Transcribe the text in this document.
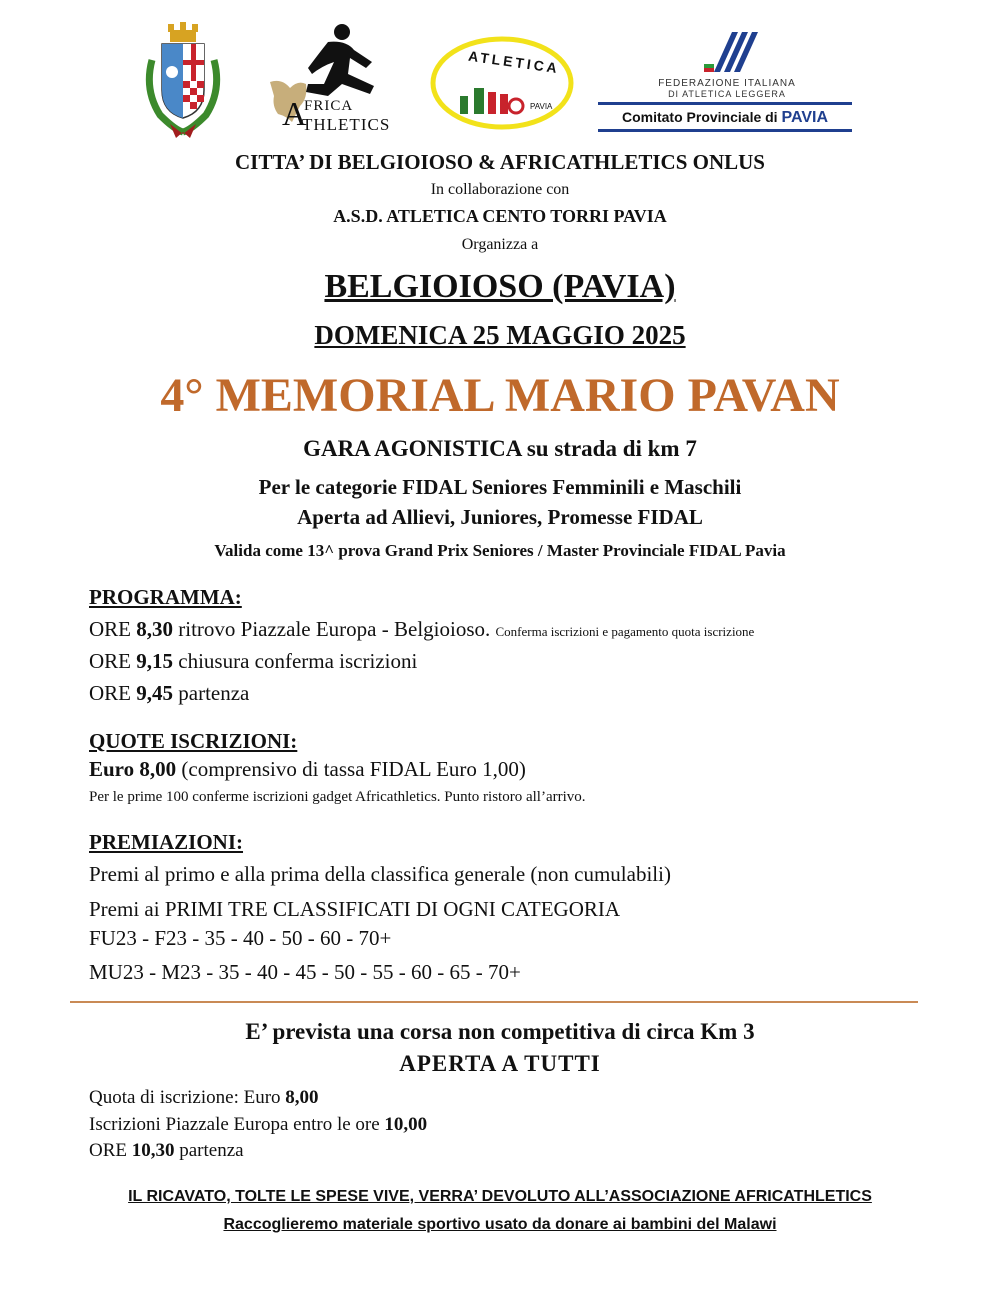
A
FRICA
THLETICS
ATLETICA
PAVIA
FEDERAZIONE ITALIANA
DI ATLETICA LEGGERA
Comitato Provinciale di PAVIA
CITTA’ DI BELGIOIOSO & AFRICATHLETICS ONLUS
In collaborazione con
A.S.D. ATLETICA CENTO TORRI PAVIA
Organizza a
BELGIOIOSO (PAVIA)
DOMENICA 25 MAGGIO 2025
4° MEMORIAL MARIO PAVAN
GARA AGONISTICA su strada di km 7
Per le categorie FIDAL Seniores Femminili e Maschili
Aperta ad Allievi, Juniores, Promesse FIDAL
Valida come 13^ prova Grand Prix Seniores / Master Provinciale FIDAL Pavia
PROGRAMMA:
ORE 8,30 ritrovo Piazzale Europa - Belgioioso. Conferma iscrizioni e pagamento quota iscrizione
ORE 9,15 chiusura conferma iscrizioni
ORE 9,45 partenza
QUOTE ISCRIZIONI:
Euro 8,00 (comprensivo di tassa FIDAL Euro 1,00)
Per le prime 100 conferme iscrizioni gadget Africathletics. Punto ristoro all’arrivo.
PREMIAZIONI:
Premi al primo e alla prima della classifica generale (non cumulabili)
Premi ai PRIMI TRE CLASSIFICATI DI OGNI CATEGORIA
FU23 - F23 - 35 - 40 - 50 - 60 - 70+
MU23 - M23 - 35 - 40 - 45 - 50 - 55 - 60 - 65 - 70+
E’ prevista una corsa non competitiva di circa Km 3
APERTA A TUTTI
Quota di iscrizione: Euro 8,00
Iscrizioni Piazzale Europa entro le ore 10,00
ORE 10,30 partenza
IL RICAVATO, TOLTE LE SPESE VIVE, VERRA’ DEVOLUTO ALL’ASSOCIAZIONE AFRICATHLETICS
Raccoglieremo materiale sportivo usato da donare ai bambini del Malawi
